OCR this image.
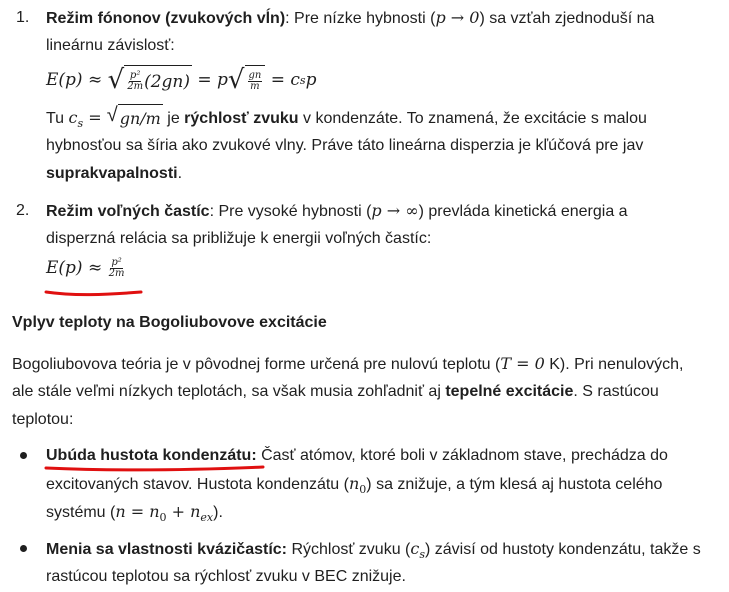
1. Režim fónonov (zvukových vĺn): Pre nízke hybnosti (p → 0) sa vzťah zjednoduší na
lineárnu závislosť:
E(p) ≈
√ $\frac{\text{p²}}{2m} (2gn)$
= p √ $\frac{gn}{m}$
= c s p
Tu $c_s$ = √ gn/m je rýchlosť zvuku v kondenzáte. To znamená, že excitácie s malou
hybnosťou sa šíria ako zvukové vlny. Práve táto lineárna disperzia je kľúčová pre jav
suprakvapalnosti.
2. Režim voľných častíc: Pre vysoké hybnosti (p → ∞) prevláda kinetická energia a
disperzná relácia sa približuje k energii voľných častíc:
E(p) ≈
$\frac{\text{p²}}{2m}$
Vplyv teploty na Bogoliubovove excitácie
Bogoliubovova teória je v pôvodnej forme určená pre nulovú teplotu (T = 0 K). Pri nenulových,
ale stále veľmi nízkych teplotách, sa však musia zohľadniť aj tepelné excitácie. S rastúcou
teplotou:
Ubúda hustota kondenzátu: Časť atómov, ktoré boli v základnom stave, prechádza do
excitovaných stavov. Hustota kondenzátu $(n_0)$ sa znižuje, a tým klesá aj hustota celého
systému $(n = n_0 + n_{ex})$.
Menia sa vlastnosti kvázičastíc: Rýchlosť zvuku $(c_s)$ závisí od hustoty kondenzátu, takže s
rastúcou teplotou sa rýchlosť zvuku v BEC znižuje.
